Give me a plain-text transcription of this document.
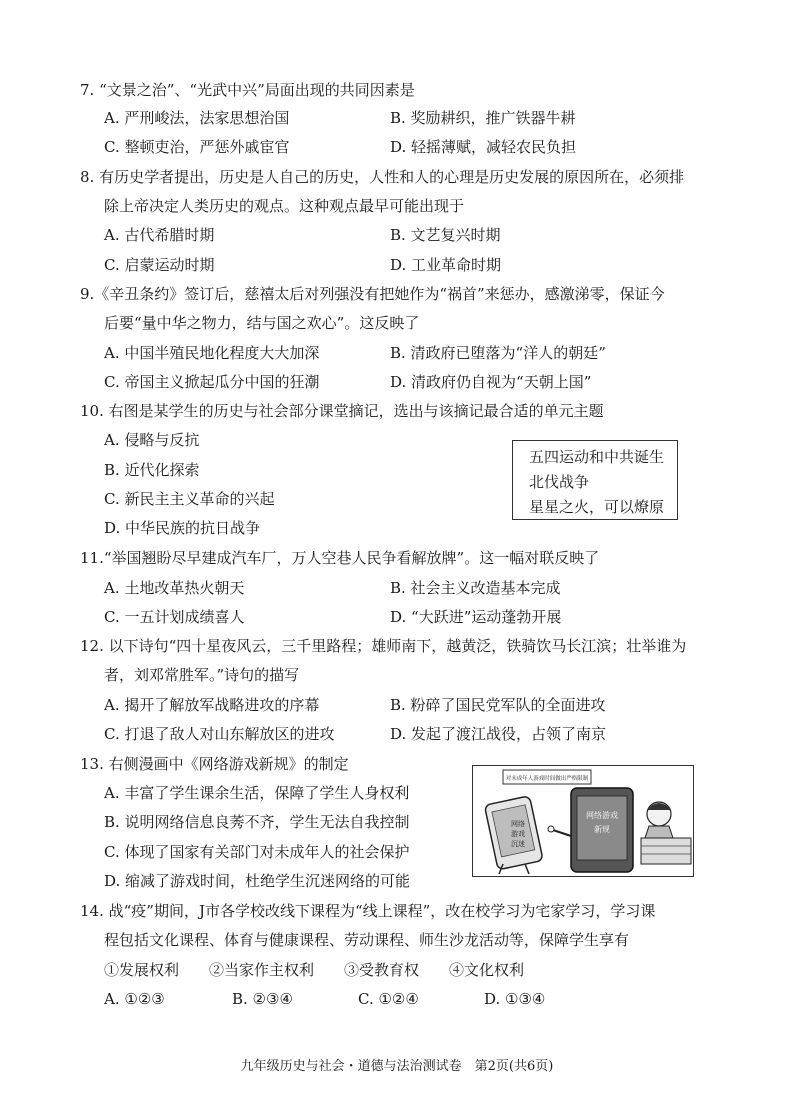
7. “文景之治”、“光武中兴”局面出现的共同因素是
A. 严刑峻法，法家思想治国	B. 奖励耕织，推广铁器牛耕
C. 整顿吏治，严惩外戚宦官	D. 轻摇薄赋，减轻农民负担
8. 有历史学者提出，历史是人自己的历史，人性和人的心理是历史发展的原因所在，必须排
除上帝决定人类历史的观点。这种观点最早可能出现于
A. 古代希腊时期	B. 文艺复兴时期
C. 启蒙运动时期	D. 工业革命时期
9.《辛丑条约》签订后，慈禧太后对列强没有把她作为“祸首”来惩办，感激涕零，保证今
后要“量中华之物力，结与国之欢心”。这反映了
A. 中国半殖民地化程度大大加深	B. 清政府已堕落为“洋人的朝廷”
C. 帝国主义掀起瓜分中国的狂潮	D. 清政府仍自视为“天朝上国”
10. 右图是某学生的历史与社会部分课堂摘记，选出与该摘记最合适的单元主题
A. 侵略与反抗
B. 近代化探索
C. 新民主主义革命的兴起
D. 中华民族的抗日战争
五四运动和中共诞生
北伐战争
星星之火，可以燎原
11.“举国翘盼尽早建成汽车厂，万人空巷人民争看解放牌”。这一幅对联反映了
A. 土地改革热火朝天	B. 社会主义改造基本完成
C. 一五计划成绩喜人	D. “大跃进”运动蓬勃开展
12. 以下诗句“四十星夜风云，三千里路程；雄师南下，越黄泛，铁骑饮马长江滨；壮举谁为
者，刘邓常胜军。”诗句的描写
A. 揭开了解放军战略进攻的序幕	B. 粉碎了国民党军队的全面进攻
C. 打退了敌人对山东解放区的进攻	D. 发起了渡江战役，占领了南京
13. 右侧漫画中《网络游戏新规》的制定
A. 丰富了学生课余生活，保障了学生人身权利
B. 说明网络信息良莠不齐，学生无法自我控制
C. 体现了国家有关部门对未成年人的社会保护
D. 缩减了游戏时间，杜绝学生沉迷网络的可能
对未成年人游戏时间做出严格限制
网络
游戏
沉迷
网络游戏
新规
14. 战“疫”期间，J市各学校改线下课程为“线上课程”，改在校学习为宅家学习，学习课
程包括文化课程、体育与健康课程、劳动课程、师生沙龙活动等，保障学生享有
①发展权利　　②当家作主权利　　③受教育权　　④文化权利
A. ①②③	B. ②③④	C. ①②④	D. ①③④
九年级历史与社会・道德与法治测试卷　第2页(共6页)
